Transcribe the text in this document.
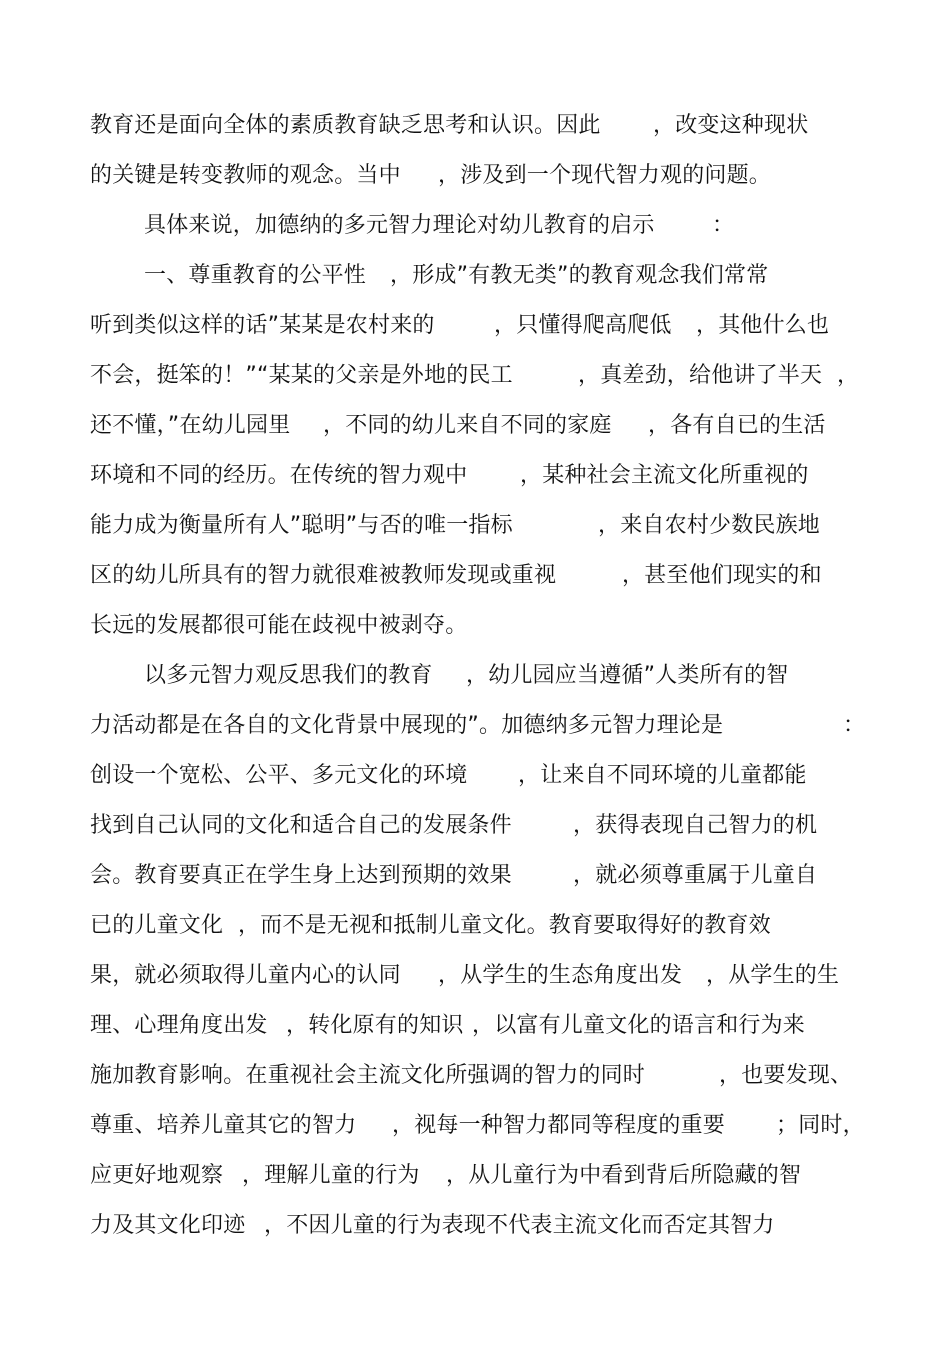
教育还是面向全体的素质教育缺乏思考和认识。因此 ，改变这种现状
的关键是转变教师的观念。当中 ，涉及到一个现代智力观的问题。
具体来说，加德纳的多元智力理论对幼儿教育的启示	：
一、尊重教育的公平性 ，形成”有教无类”的教育观念我们常常
听到类似这样的话”某某是农村来的	，只懂得爬高爬低 ，其他什么也
不会，挺笨的！”“某某的父亲是外地的民工	，真差劲，给他讲了半天 ，
还不懂，”在幼儿园里 ，不同的幼儿来自不同的家庭 ，各有自已的生活
环境和不同的经历。在传统的智力观中 ，某种社会主流文化所重视的
能力成为衡量所有人”聪明”与否的唯一指标	，来自农村少数民族地
区的幼儿所具有的智力就很难被教师发现或重视	，甚至他们现实的和
长远的发展都很可能在歧视中被剥夺。
以多元智力观反思我们的教育 ，幼儿园应当遵循”人类所有的智
力活动都是在各自的文化背景中展现的”。加德纳多元智力理论是	：
创设一个宽松、公平、多元文化的环境 ，让来自不同环境的儿童都能
找到自己认同的文化和适合自己的发展条件	，获得表现自己智力的机
会。教育要真正在学生身上达到预期的效果	，就必须尊重属于儿童自
已的儿童文化 ，而不是无视和抵制儿童文化。教育要取得好的教育效
果，就必须取得儿童内心的认同 ，从学生的生态角度出发 ，从学生的生
理、心理角度出发 ，转化原有的知识 ，以富有儿童文化的语言和行为来
施加教育影响。在重视社会主流文化所强调的智力的同时	，也要发现、
尊重、培养儿童其它的智力 ，视每一种智力都同等程度的重要 ；同时，
应更好地观察 ，理解儿童的行为 ，从儿童行为中看到背后所隐藏的智
力及其文化印迹 ，不因儿童的行为表现不代表主流文化而否定其智力
